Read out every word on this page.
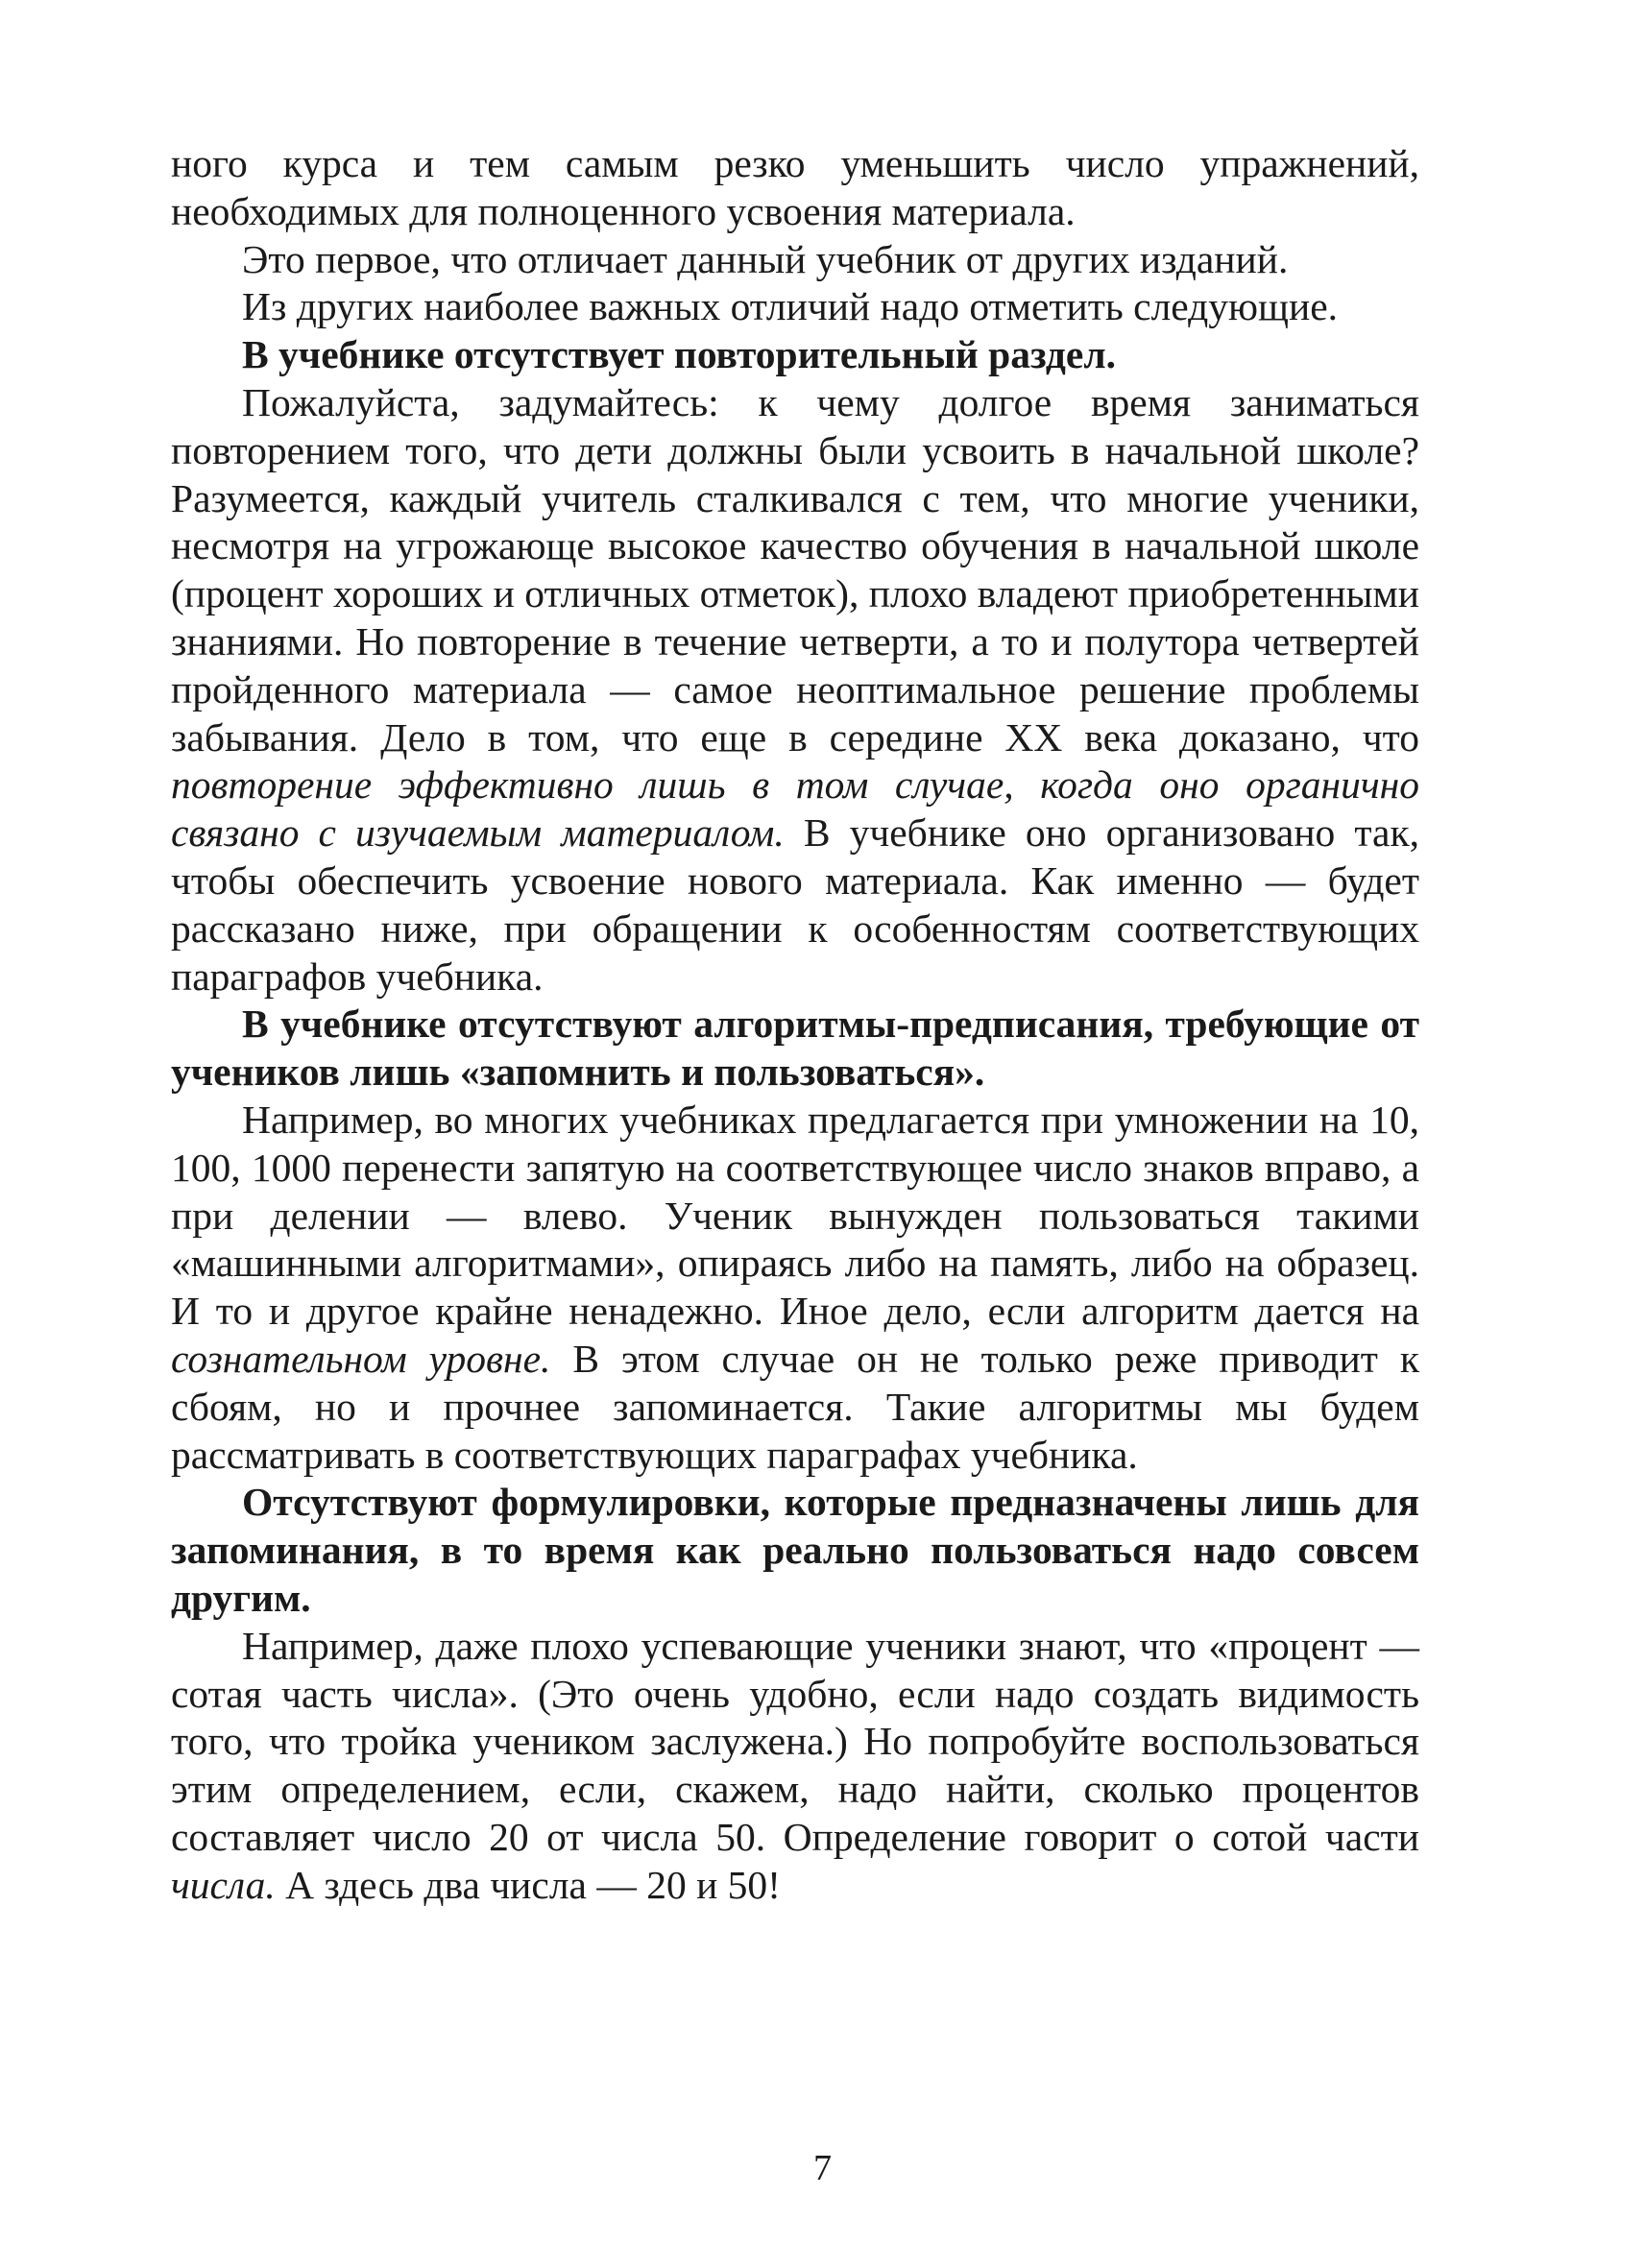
ного курса и тем самым резко уменьшить число упражнений, необходимых для полноценного усвоения материала.

Это первое, что отличает данный учебник от других изданий.

Из других наиболее важных отличий надо отметить следующие.

В учебнике отсутствует повторительный раздел.

Пожалуйста, задумайтесь: к чему долгое время заниматься повторением того, что дети должны были усвоить в начальной школе? Разумеется, каждый учитель сталкивался с тем, что многие ученики, несмотря на угрожающе высокое качество обучения в начальной школе (процент хороших и отличных отметок), плохо владеют приобретенными знаниями. Но повторение в течение четверти, а то и полутора четвертей пройденного материала — самое неоптимальное решение проблемы забывания. Дело в том, что еще в середине XX века доказано, что повторение эффективно лишь в том случае, когда оно органично связано с изучаемым материалом. В учебнике оно организовано так, чтобы обеспечить усвоение нового материала. Как именно — будет рассказано ниже, при обращении к особенностям соответствующих параграфов учебника.

В учебнике отсутствуют алгоритмы-предписания, требующие от учеников лишь «запомнить и пользоваться».

Например, во многих учебниках предлагается при умножении на 10, 100, 1000 перенести запятую на соответствующее число знаков вправо, а при делении — влево. Ученик вынужден пользоваться такими «машинными алгоритмами», опираясь либо на память, либо на образец. И то и другое крайне ненадежно. Иное дело, если алгоритм дается на сознательном уровне. В этом случае он не только реже приводит к сбоям, но и прочнее запоминается. Такие алгоритмы мы будем рассматривать в соответствующих параграфах учебника.

Отсутствуют формулировки, которые предназначены лишь для запоминания, в то время как реально пользоваться надо совсем другим.

Например, даже плохо успевающие ученики знают, что «процент — сотая часть числа». (Это очень удобно, если надо создать видимость того, что тройка учеником заслужена.) Но попробуйте воспользоваться этим определением, если, скажем, надо найти, сколько процентов составляет число 20 от числа 50. Определение говорит о сотой части числа. А здесь два числа — 20 и 50!

7
